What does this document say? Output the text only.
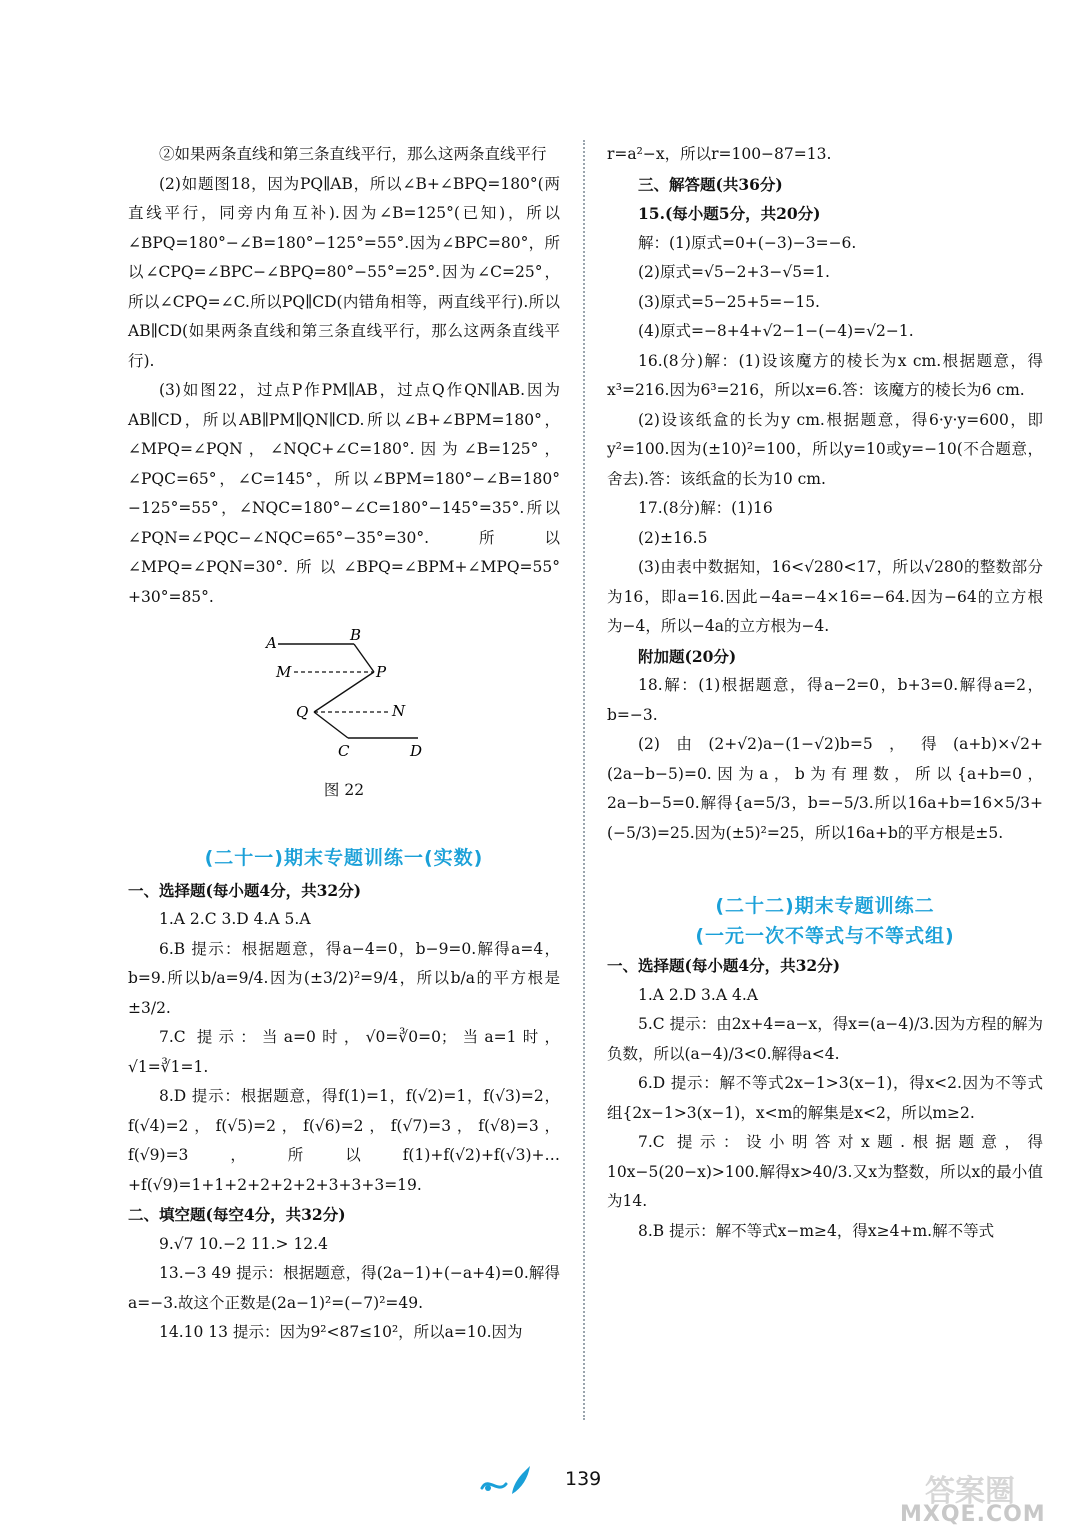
②如果两条直线和第三条直线平行，那么这两条直线平行

(2)如题图18，因为PQ∥AB，所以∠B+∠BPQ=180°(两直线平行，同旁内角互补).因为∠B=125°(已知)，所以∠BPQ=180°−∠B=180°−125°=55°.因为∠BPC=80°，所以∠CPQ=∠BPC−∠BPQ=80°−55°=25°.因为∠C=25°，所以∠CPQ=∠C.所以PQ∥CD(内错角相等，两直线平行).所以AB∥CD(如果两条直线和第三条直线平行，那么这两条直线平行).

(3)如图22，过点P作PM∥AB，过点Q作QN∥AB.因为AB∥CD，所以AB∥PM∥QN∥CD.所以∠B+∠BPM=180°，∠MPQ=∠PQN，∠NQC+∠C=180°.因为∠B=125°，∠PQC=65°，∠C=145°，所以∠BPM=180°−∠B=180°−125°=55°，∠NQC=180°−∠C=180°−145°=35°.所以∠PQN=∠PQC−∠NQC=65°−35°=30°.所以∠MPQ=∠PQN=30°.所以∠BPQ=∠BPM+∠MPQ=55°+30°=85°.

A	B
M	P
Q	N
C	D
图 22
(二十一)期末专题训练一(实数)

一、选择题(每小题4分，共32分)

1.A 2.C 3.D 4.A 5.A

6.B 提示：根据题意，得a−4=0，b−9=0.解得a=4，b=9.所以b/a=9/4.因为(±3/2)²=9/4，所以b/a的平方根是±3/2.

7.C 提示：当a=0时，√0=∛0=0；当a=1时，√1=∛1=1.

8.D 提示：根据题意，得f(1)=1，f(√2)=1，f(√3)=2，f(√4)=2，f(√5)=2，f(√6)=2，f(√7)=3，f(√8)=3，f(√9)=3，所以f(1)+f(√2)+f(√3)+…+f(√9)=1+1+2+2+2+2+3+3+3=19.

二、填空题(每空4分，共32分)

9.√7 10.−2 11.> 12.4

13.−3 49 提示：根据题意，得(2a−1)+(−a+4)=0.解得a=−3.故这个正数是(2a−1)²=(−7)²=49.

14.10 13 提示：因为9²<87≤10²，所以a=10.因为

r=a²−x，所以r=100−87=13.

三、解答题(共36分)

15.(每小题5分，共20分)

解：(1)原式=0+(−3)−3=−6.

(2)原式=√5−2+3−√5=1.

(3)原式=5−25+5=−15.

(4)原式=−8+4+√2−1−(−4)=√2−1.

16.(8分)解：(1)设该魔方的棱长为x cm.根据题意，得x³=216.因为6³=216，所以x=6.答：该魔方的棱长为6 cm.

(2)设该纸盒的长为y cm.根据题意，得6·y·y=600，即y²=100.因为(±10)²=100，所以y=10或y=−10(不合题意，舍去).答：该纸盒的长为10 cm.

17.(8分)解：(1)16

(2)±16.5

(3)由表中数据知，16<√280<17，所以√280的整数部分为16，即a=16.因此−4a=−4×16=−64.因为−64的立方根为−4，所以−4a的立方根为−4.

附加题(20分)

18.解：(1)根据题意，得a−2=0，b+3=0.解得a=2，b=−3.

(2)由(2+√2)a−(1−√2)b=5，得(a+b)×√2+(2a−b−5)=0.因为a，b为有理数，所以{a+b=0，2a−b−5=0.解得{a=5/3，b=−5/3.所以16a+b=16×5/3+(−5/3)=25.因为(±5)²=25，所以16a+b的平方根是±5.

(二十二)期末专题训练二
(一元一次不等式与不等式组)

一、选择题(每小题4分，共32分)

1.A 2.D 3.A 4.A

5.C 提示：由2x+4=a−x，得x=(a−4)/3.因为方程的解为负数，所以(a−4)/3<0.解得a<4.

6.D 提示：解不等式2x−1>3(x−1)，得x<2.因为不等式组{2x−1>3(x−1)，x<m的解集是x<2，所以m≥2.

7.C 提示：设小明答对x题.根据题意，得10x−5(20−x)>100.解得x>40/3.又x为整数，所以x的最小值为14.

8.B 提示：解不等式x−m≥4，得x≥4+m.解不等式

139	答案圈
MXQE.COM
